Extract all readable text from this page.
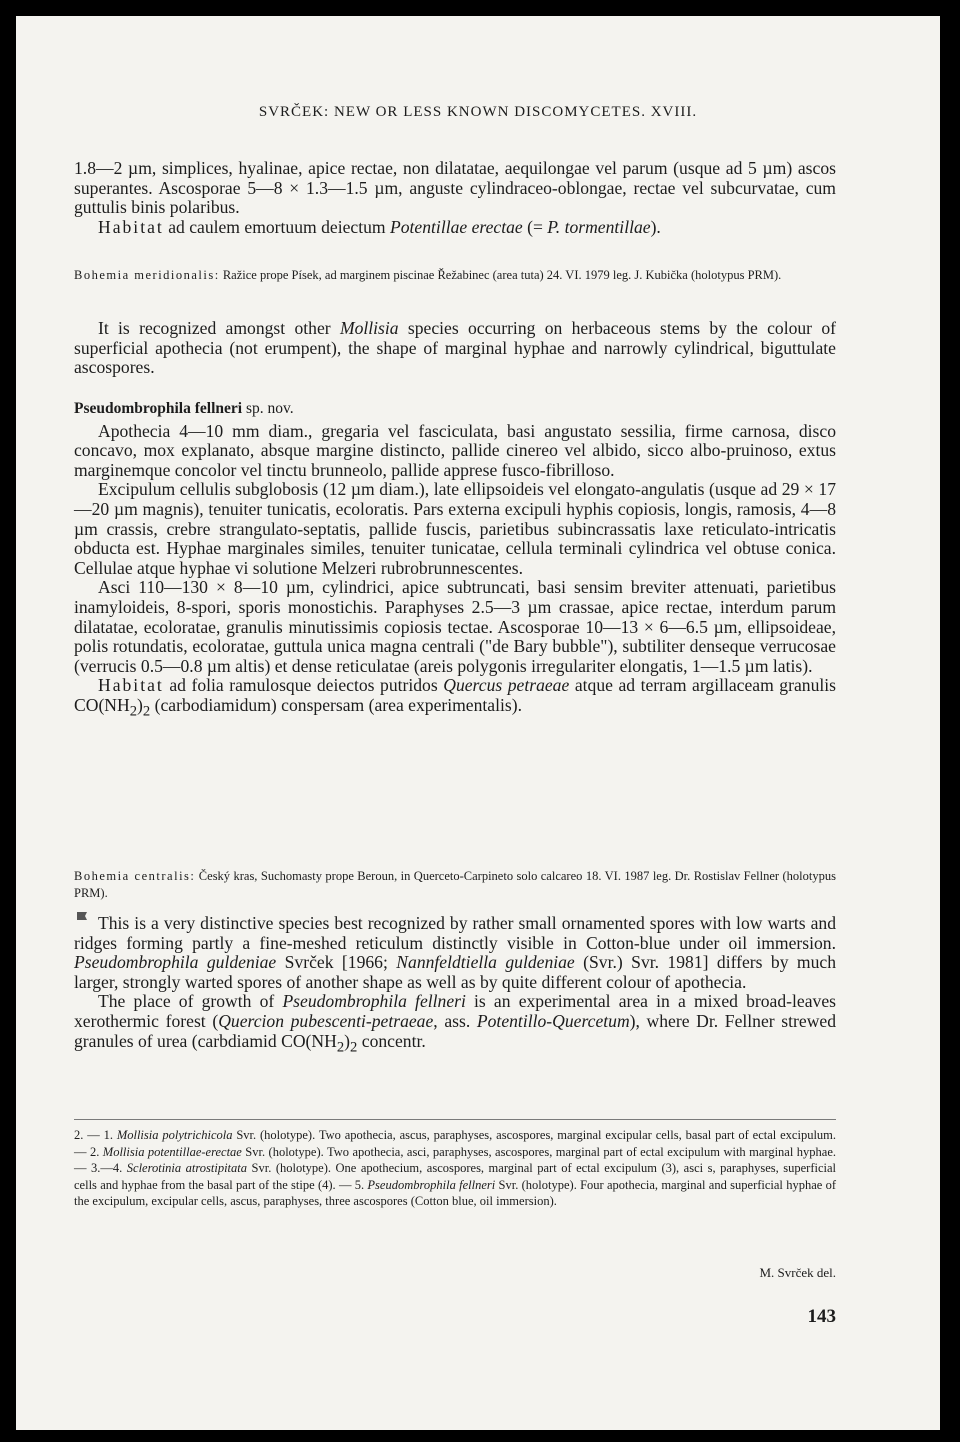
SVRČEK: NEW OR LESS KNOWN DISCOMYCETES. XVIII.

1.8—2 µm, simplices, hyalinae, apice rectae, non dilatatae, aequilongae vel parum (usque ad 5 µm) ascos superantes. Ascosporae 5—8 × 1.3—1.5 µm, anguste cylindraceo-oblongae, rectae vel subcurvatae, cum guttulis binis polaribus.

Habitat ad caulem emortuum deiectum Potentillae erectae (= P. tormentillae).

Bohemia meridionalis: Ražice prope Písek, ad marginem piscinae Řežabinec (area tuta) 24. VI. 1979 leg. J. Kubička (holotypus PRM).

It is recognized amongst other Mollisia species occurring on herbaceous stems by the colour of superficial apothecia (not erumpent), the shape of marginal hyphae and narrowly cylindrical, biguttulate ascospores.

Pseudombrophila fellneri sp. nov.

Apothecia 4—10 mm diam., gregaria vel fasciculata, basi angustato sessilia, firme carnosa, disco concavo, mox explanato, absque margine distincto, pallide cinereo vel albido, sicco albo-pruinoso, extus marginemque concolor vel tinctu brunneolo, pallide apprese fusco-fibrilloso.

Excipulum cellulis subglobosis (12 µm diam.), late ellipsoideis vel elongato-angulatis (usque ad 29 × 17—20 µm magnis), tenuiter tunicatis, ecoloratis. Pars externa excipuli hyphis copiosis, longis, ramosis, 4—8 µm crassis, crebre strangulato-septatis, pallide fuscis, parietibus subincrassatis laxe reticulato-intricatis obducta est. Hyphae marginales similes, tenuiter tunicatae, cellula terminali cylindrica vel obtuse conica. Cellulae atque hyphae vi solutione Melzeri rubrobrunnescentes.

Asci 110—130 × 8—10 µm, cylindrici, apice subtruncati, basi sensim breviter attenuati, parietibus inamyloideis, 8-spori, sporis monostichis. Paraphyses 2.5—3 µm crassae, apice rectae, interdum parum dilatatae, ecoloratae, granulis minutissimis copiosis tectae. Ascosporae 10—13 × 6—6.5 µm, ellipsoideae, polis rotundatis, ecoloratae, guttula unica magna centrali ("de Bary bubble"), subtiliter denseque verrucosae (verrucis 0.5—0.8 µm altis) et dense reticulatae (areis polygonis irregulariter elongatis, 1—1.5 µm latis).

Habitat ad folia ramulosque deiectos putridos Quercus petraeae atque ad terram argillaceam granulis $CO(NH_2)_2$ (carbodiamidum) conspersam (area experimentalis).

Bohemia centralis: Český kras, Suchomasty prope Beroun, in Querceto-Carpineto solo calcareo 18. VI. 1987 leg. Dr. Rostislav Fellner (holotypus PRM).

This is a very distinctive species best recognized by rather small ornamented spores with low warts and ridges forming partly a fine-meshed reticulum distinctly visible in Cotton-blue under oil immersion. Pseudombrophila guldeniae Svrček [1966; Nannfeldtiella guldeniae (Svr.) Svr. 1981] differs by much larger, strongly warted spores of another shape as well as by quite different colour of apothecia.

The place of growth of Pseudombrophila fellneri is an experimental area in a mixed broad-leaves xerothermic forest (Quercion pubescenti-petraeae, ass. Potentillo-Quercetum), where Dr. Fellner strewed granules of urea (carbdiamid $CO(NH_2)_2$ concentr.

2. — 1. Mollisia polytrichicola Svr. (holotype). Two apothecia, ascus, paraphyses, ascospores, marginal excipular cells, basal part of ectal excipulum. — 2. Mollisia potentillae-erectae Svr. (holotype). Two apothecia, asci, paraphyses, ascospores, marginal part of ectal excipulum with marginal hyphae. — 3.—4. Sclerotinia atrostipitata Svr. (holotype). One apothecium, ascospores, marginal part of ectal excipulum (3), asci s, paraphyses, superficial cells and hyphae from the basal part of the stipe (4). — 5. Pseudombrophila fellneri Svr. (holotype). Four apothecia, marginal and superficial hyphae of the excipulum, excipular cells, ascus, paraphyses, three ascospores (Cotton blue, oil immersion).
M. Svrček del.
143
